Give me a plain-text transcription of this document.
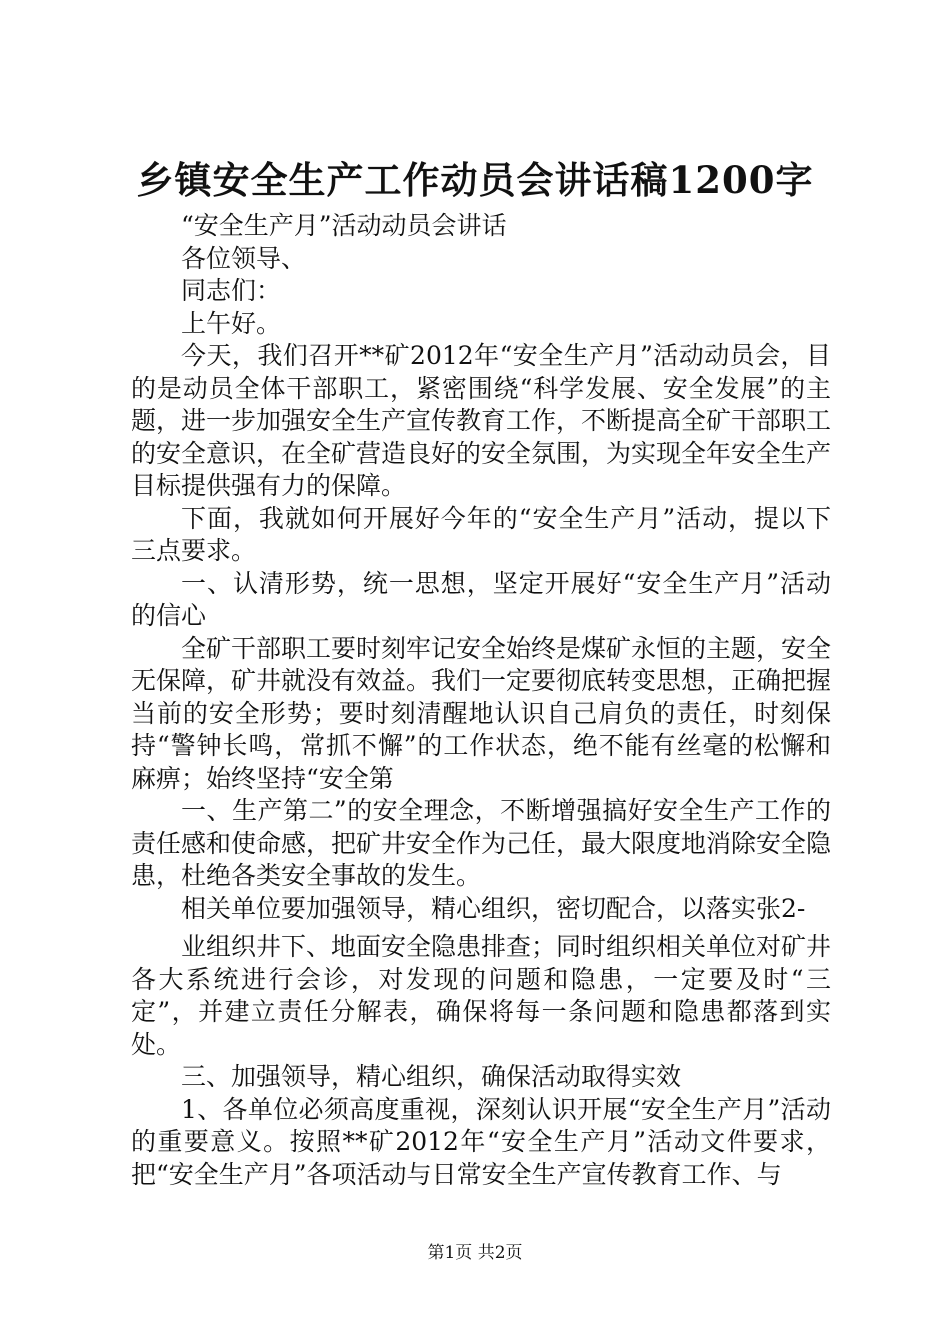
乡镇安全生产工作动员会讲话稿1200字

“安全生产月”活动动员会讲话

各位领导、

同志们：

上午好。

今天，我们召开**矿2012年“安全生产月”活动动员会，目的是动员全体干部职工，紧密围绕“科学发展、安全发展”的主题，进一步加强安全生产宣传教育工作，不断提高全矿干部职工的安全意识，在全矿营造良好的安全氛围，为实现全年安全生产目标提供强有力的保障。

下面，我就如何开展好今年的“安全生产月”活动，提以下三点要求。

一、认清形势，统一思想，坚定开展好“安全生产月”活动的信心

全矿干部职工要时刻牢记安全始终是煤矿永恒的主题，安全无保障，矿井就没有效益。我们一定要彻底转变思想，正确把握当前的安全形势；要时刻清醒地认识自己肩负的责任，时刻保持“警钟长鸣，常抓不懈”的工作状态，绝不能有丝毫的松懈和麻痹；始终坚持“安全第

一、生产第二”的安全理念，不断增强搞好安全生产工作的责任感和使命感，把矿井安全作为己任，最大限度地消除安全隐患，杜绝各类安全事故的发生。

相关单位要加强领导，精心组织，密切配合，以落实张2-

业组织井下、地面安全隐患排查；同时组织相关单位对矿井各大系统进行会诊，对发现的问题和隐患，一定要及时“三定”，并建立责任分解表，确保将每一条问题和隐患都落到实处。

三、加强领导，精心组织，确保活动取得实效

1、各单位必须高度重视，深刻认识开展“安全生产月”活动的重要意义。按照**矿2012年“安全生产月”活动文件要求，把“安全生产月”各项活动与日常安全生产宣传教育工作、与

第1页 共2页
